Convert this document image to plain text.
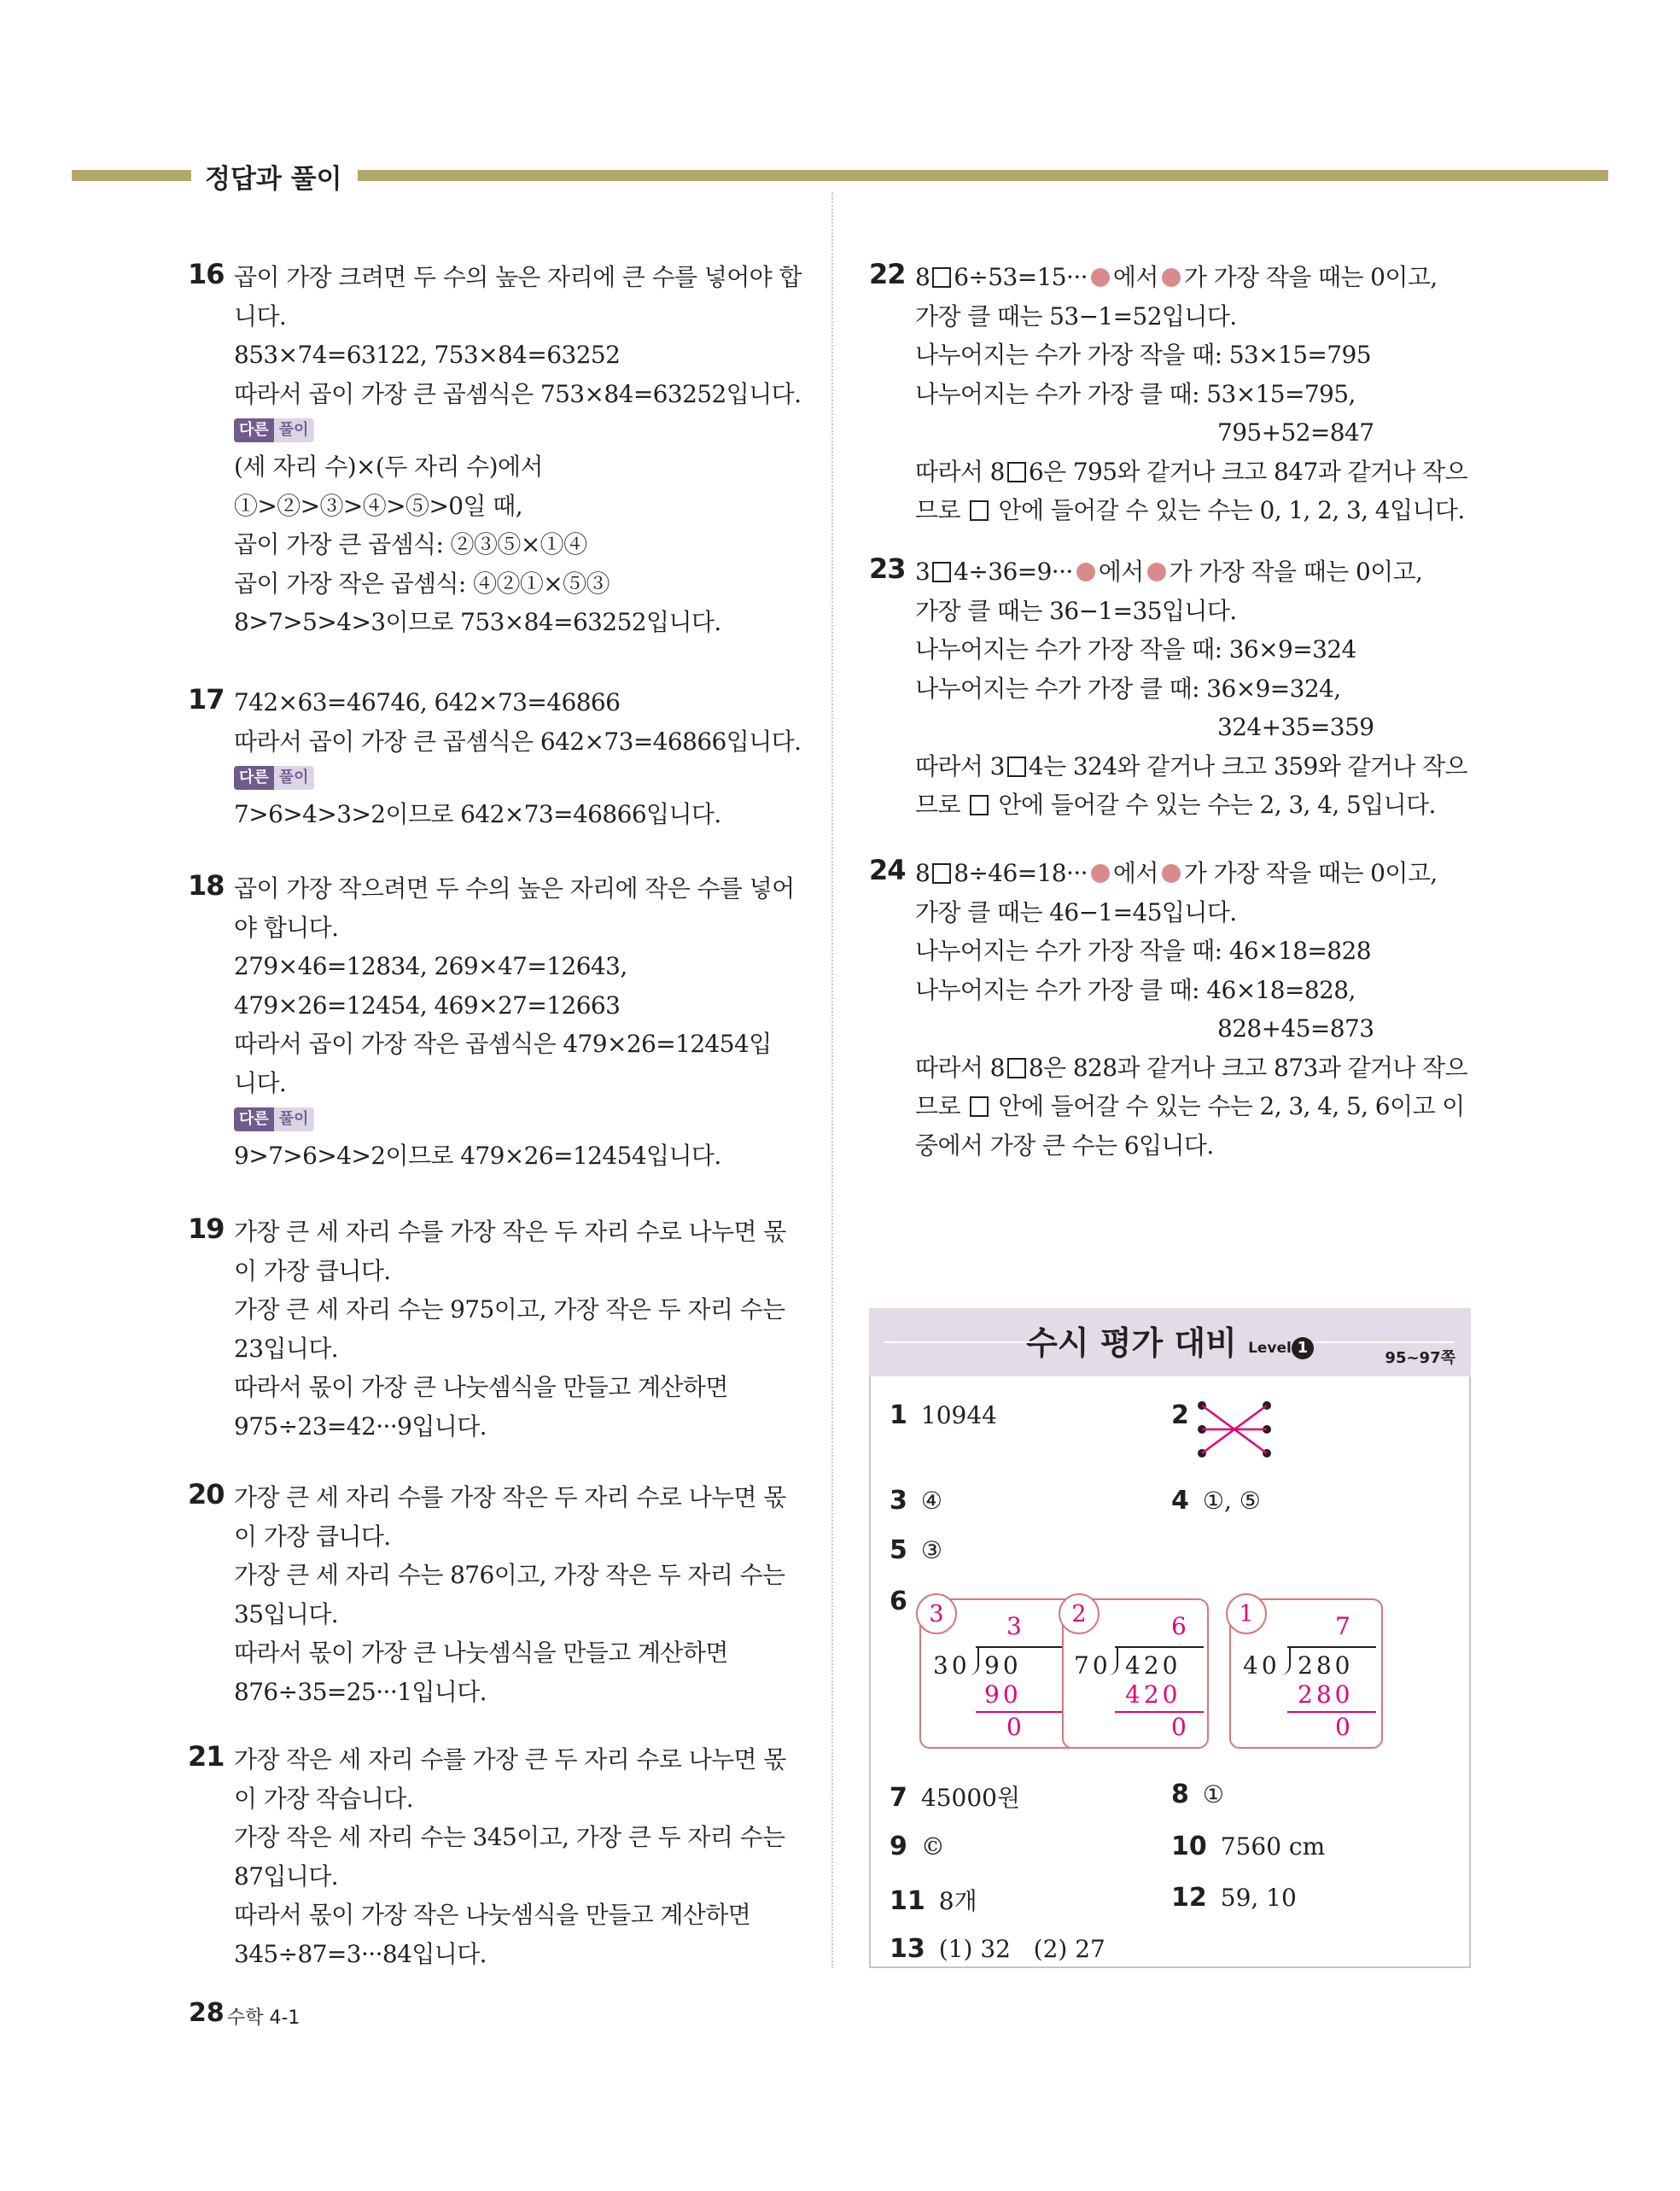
정답과 풀이
16 곱이 가장 크려면 두 수의 높은 자리에 큰 수를 넣어야 합
니다.
853×74=63122, 753×84=63252
따라서 곱이 가장 큰 곱셈식은 753×84=63252입니다.
다른 풀이
(세 자리 수)×(두 자리 수)에서
①>②>③>④>⑤>0일 때,
곱이 가장 큰 곱셈식: ②③⑤×①④
곱이 가장 작은 곱셈식: ④②①×⑤③
8>7>5>4>3이므로 753×84=63252입니다.
17 742×63=46746, 642×73=46866
따라서 곱이 가장 큰 곱셈식은 642×73=46866입니다.
다른 풀이
7>6>4>3>2이므로 642×73=46866입니다.
18 곱이 가장 작으려면 두 수의 높은 자리에 작은 수를 넣어
야 합니다.
279×46=12834, 269×47=12643,
479×26=12454, 469×27=12663
따라서 곱이 가장 작은 곱셈식은 479×26=12454입
니다.
다른 풀이
9>7>6>4>2이므로 479×26=12454입니다.
19 가장 큰 세 자리 수를 가장 작은 두 자리 수로 나누면 몫
이 가장 큽니다.
가장 큰 세 자리 수는 975이고, 가장 작은 두 자리 수는
23입니다.
따라서 몫이 가장 큰 나눗셈식을 만들고 계산하면
975÷23=42···9입니다.
20 가장 큰 세 자리 수를 가장 작은 두 자리 수로 나누면 몫
이 가장 큽니다.
가장 큰 세 자리 수는 876이고, 가장 작은 두 자리 수는
35입니다.
따라서 몫이 가장 큰 나눗셈식을 만들고 계산하면
876÷35=25···1입니다.
21 가장 작은 세 자리 수를 가장 큰 두 자리 수로 나누면 몫
이 가장 작습니다.
가장 작은 세 자리 수는 345이고, 가장 큰 두 자리 수는
87입니다.
따라서 몫이 가장 작은 나눗셈식을 만들고 계산하면
345÷87=3···84입니다.
22 8 6÷53=15··· 에서 가 가장 작을 때는 0이고,
가장 클 때는 53−1=52입니다.
나누어지는 수가 가장 작을 때: 53×15=795
나누어지는 수가 가장 클 때: 53×15=795,
795+52=847
따라서 8 6은 795와 같거나 크고 847과 같거나 작으
므로 안에 들어갈 수 있는 수는 0, 1, 2, 3, 4입니다.
23 3 4÷36=9··· 에서 가 가장 작을 때는 0이고,
가장 클 때는 36−1=35입니다.
나누어지는 수가 가장 작을 때: 36×9=324
나누어지는 수가 가장 클 때: 36×9=324,
324+35=359
따라서 3 4는 324와 같거나 크고 359와 같거나 작으
므로 안에 들어갈 수 있는 수는 2, 3, 4, 5입니다.
24 8 8÷46=18··· 에서 가 가장 작을 때는 0이고,
가장 클 때는 46−1=45입니다.
나누어지는 수가 가장 작을 때: 46×18=828
나누어지는 수가 가장 클 때: 46×18=828,
828+45=873
따라서 8 8은 828과 같거나 크고 873과 같거나 작으
므로 안에 들어갈 수 있는 수는 2, 3, 4, 5, 6이고 이
중에서 가장 큰 수는 6입니다.
수시 평가 대비 Level 1
95~97쪽
1 10944	2
3 ④	4 ①, ⑤
5 ③
6 3	3
30 90
90
0
2	6
70 420
420
0
1	7
40 280
280
0
7 45000원	8 ①
9 ©	10 7560 cm
11 8개	12 59, 10
13 (1) 32   (2) 27
28 수학 4-1
